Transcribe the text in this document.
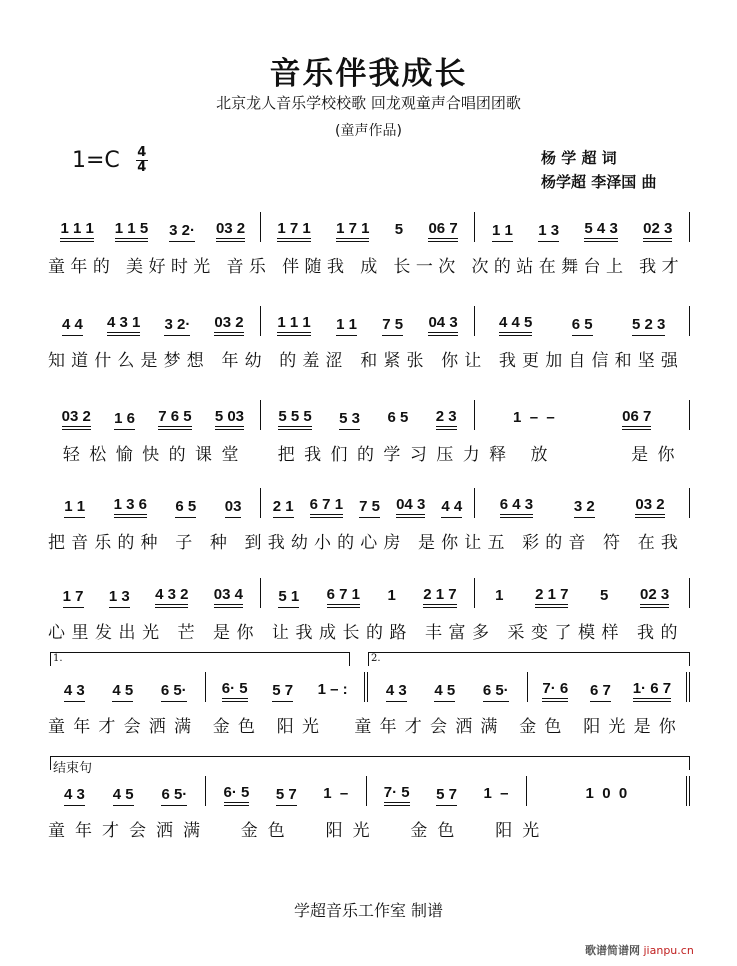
音乐伴我成长
北京龙人音乐学校校歌 回龙观童声合唱团团歌
(童声作品)
$1=C \frac{4}{4}$	杨 学 超 词
杨学超 李泽国 曲
1 1 1 1 1 5 3 2· 03 2 1 7 1 1 7 1 5 06 7 1 1 1 3 5 4 3 02 3
童年的 美好时光 音乐 伴随我 成 长一次 次的站在舞台上 我才
4 4 4 3 1 3 2· 03 2 1 1 1 1 1 7 5 04 3	4 4 5	6 5	5 2 3
知道什么是梦想 年幼 的羞涩 和紧张 你让 我更加自信和坚强
03 2 1 6 7 6 5 5 03 5 5 5 5 3 6 5 2 3	1  –  –	06 7
轻松愉快的课堂  把我们的学习压力释 放     是你
1 1 1 3 6 6 5 03 2 1 6 7 1 7 5 04 3 4 4 6 4 3	3 2	03 2
把音乐的种 子 种 到我幼小的心房 是你让五 彩的音 符 在我
1 7 1 3 4 3 2 03 4 5 1 6 7 1 1 2 1 7	1 2 1 7 5 02 3
心里发出光 芒 是你 让我成长的路 丰富多 采变了模样 我的
4 3 4 5 6 5· 6· 5 5 7 1 – :	4 3 4 5 6 5· 7· 6 6 7 1· 6 7
童年才会洒满 金色 阳光  童年才会洒满 金色 阳光是你
1.	2.
4 3 4 5 6 5· 6· 5 5 7 1  – 7· 5 5 7 1  –	1  0  0
童年才会洒满  金色  阳光  金色  阳光
结束句
学超音乐工作室 制谱
歌谱简谱网 jianpu.cn
